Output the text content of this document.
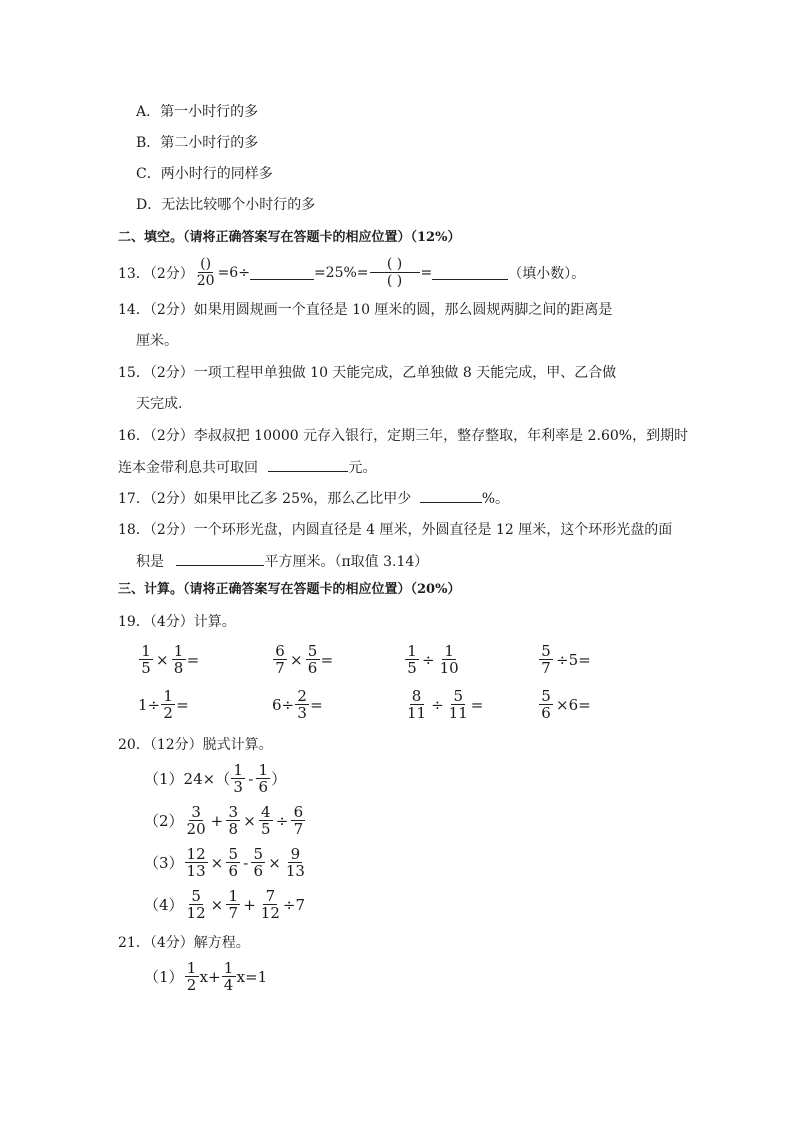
A．第一小时行的多
B．第二小时行的多
C．两小时行的同样多
D．无法比较哪个小时行的多
二、填空。（请将正确答案写在答题卡的相应位置）（12%）
13．（2分） $\frac{()}{20} =6\div$	$=25\%= \frac{( )}{( )}$ =	（填小数）。
14．（2分）如果用圆规画一个直径是 10 厘米的圆，那么圆规两脚之间的距离是
厘米。
15．（2分）一项工程甲单独做 10 天能完成，乙单独做 8 天能完成，甲、乙合做
天完成.
16．（2分）李叔叔把 10000 元存入银行，定期三年，整存整取，年利率是 2.60%，到期时
连本金带利息共可取回	元。
17．（2分）如果甲比乙多 25%，那么乙比甲少	%。
18．（2分）一个环形光盘，内圆直径是 4 厘米，外圆直径是 12 厘米，这个环形光盘的面
积是	平方厘米。（π取值 3.14）
三、计算。（请将正确答案写在答题卡的相应位置）（20%）
19．（4分）计算。
$\frac{1}{5} \times \frac{1}{8}$ =	$\frac{6}{7} \times \frac{5}{6}$ =	$\frac{1}{5} \div \frac{1}{10}$	$\frac{5}{7} \div 5=$
$1\div \frac{1}{2}$ =	$6\div \frac{2}{3}$ =	$\frac{8}{11} \div \frac{5}{11}$ =	$\frac{5}{6} \times 6=$
20．（12分）脱式计算。
（1） $24\times( \frac{1}{3} - \frac{1}{6}$ ）
$(2) \frac{3}{20} + \frac{3}{8} \times \frac{4}{5} \div \frac{6}{7}$
$(3) \frac{12}{13} \times \frac{5}{6} - \frac{5}{6} \times \frac{9}{13}$
$(4) \frac{5}{12} \times \frac{1}{7} + \frac{7}{12} \div 7$
21．（4分）解方程。
$(1) \frac{1}{2} x+ \frac{1}{4} x=1$
